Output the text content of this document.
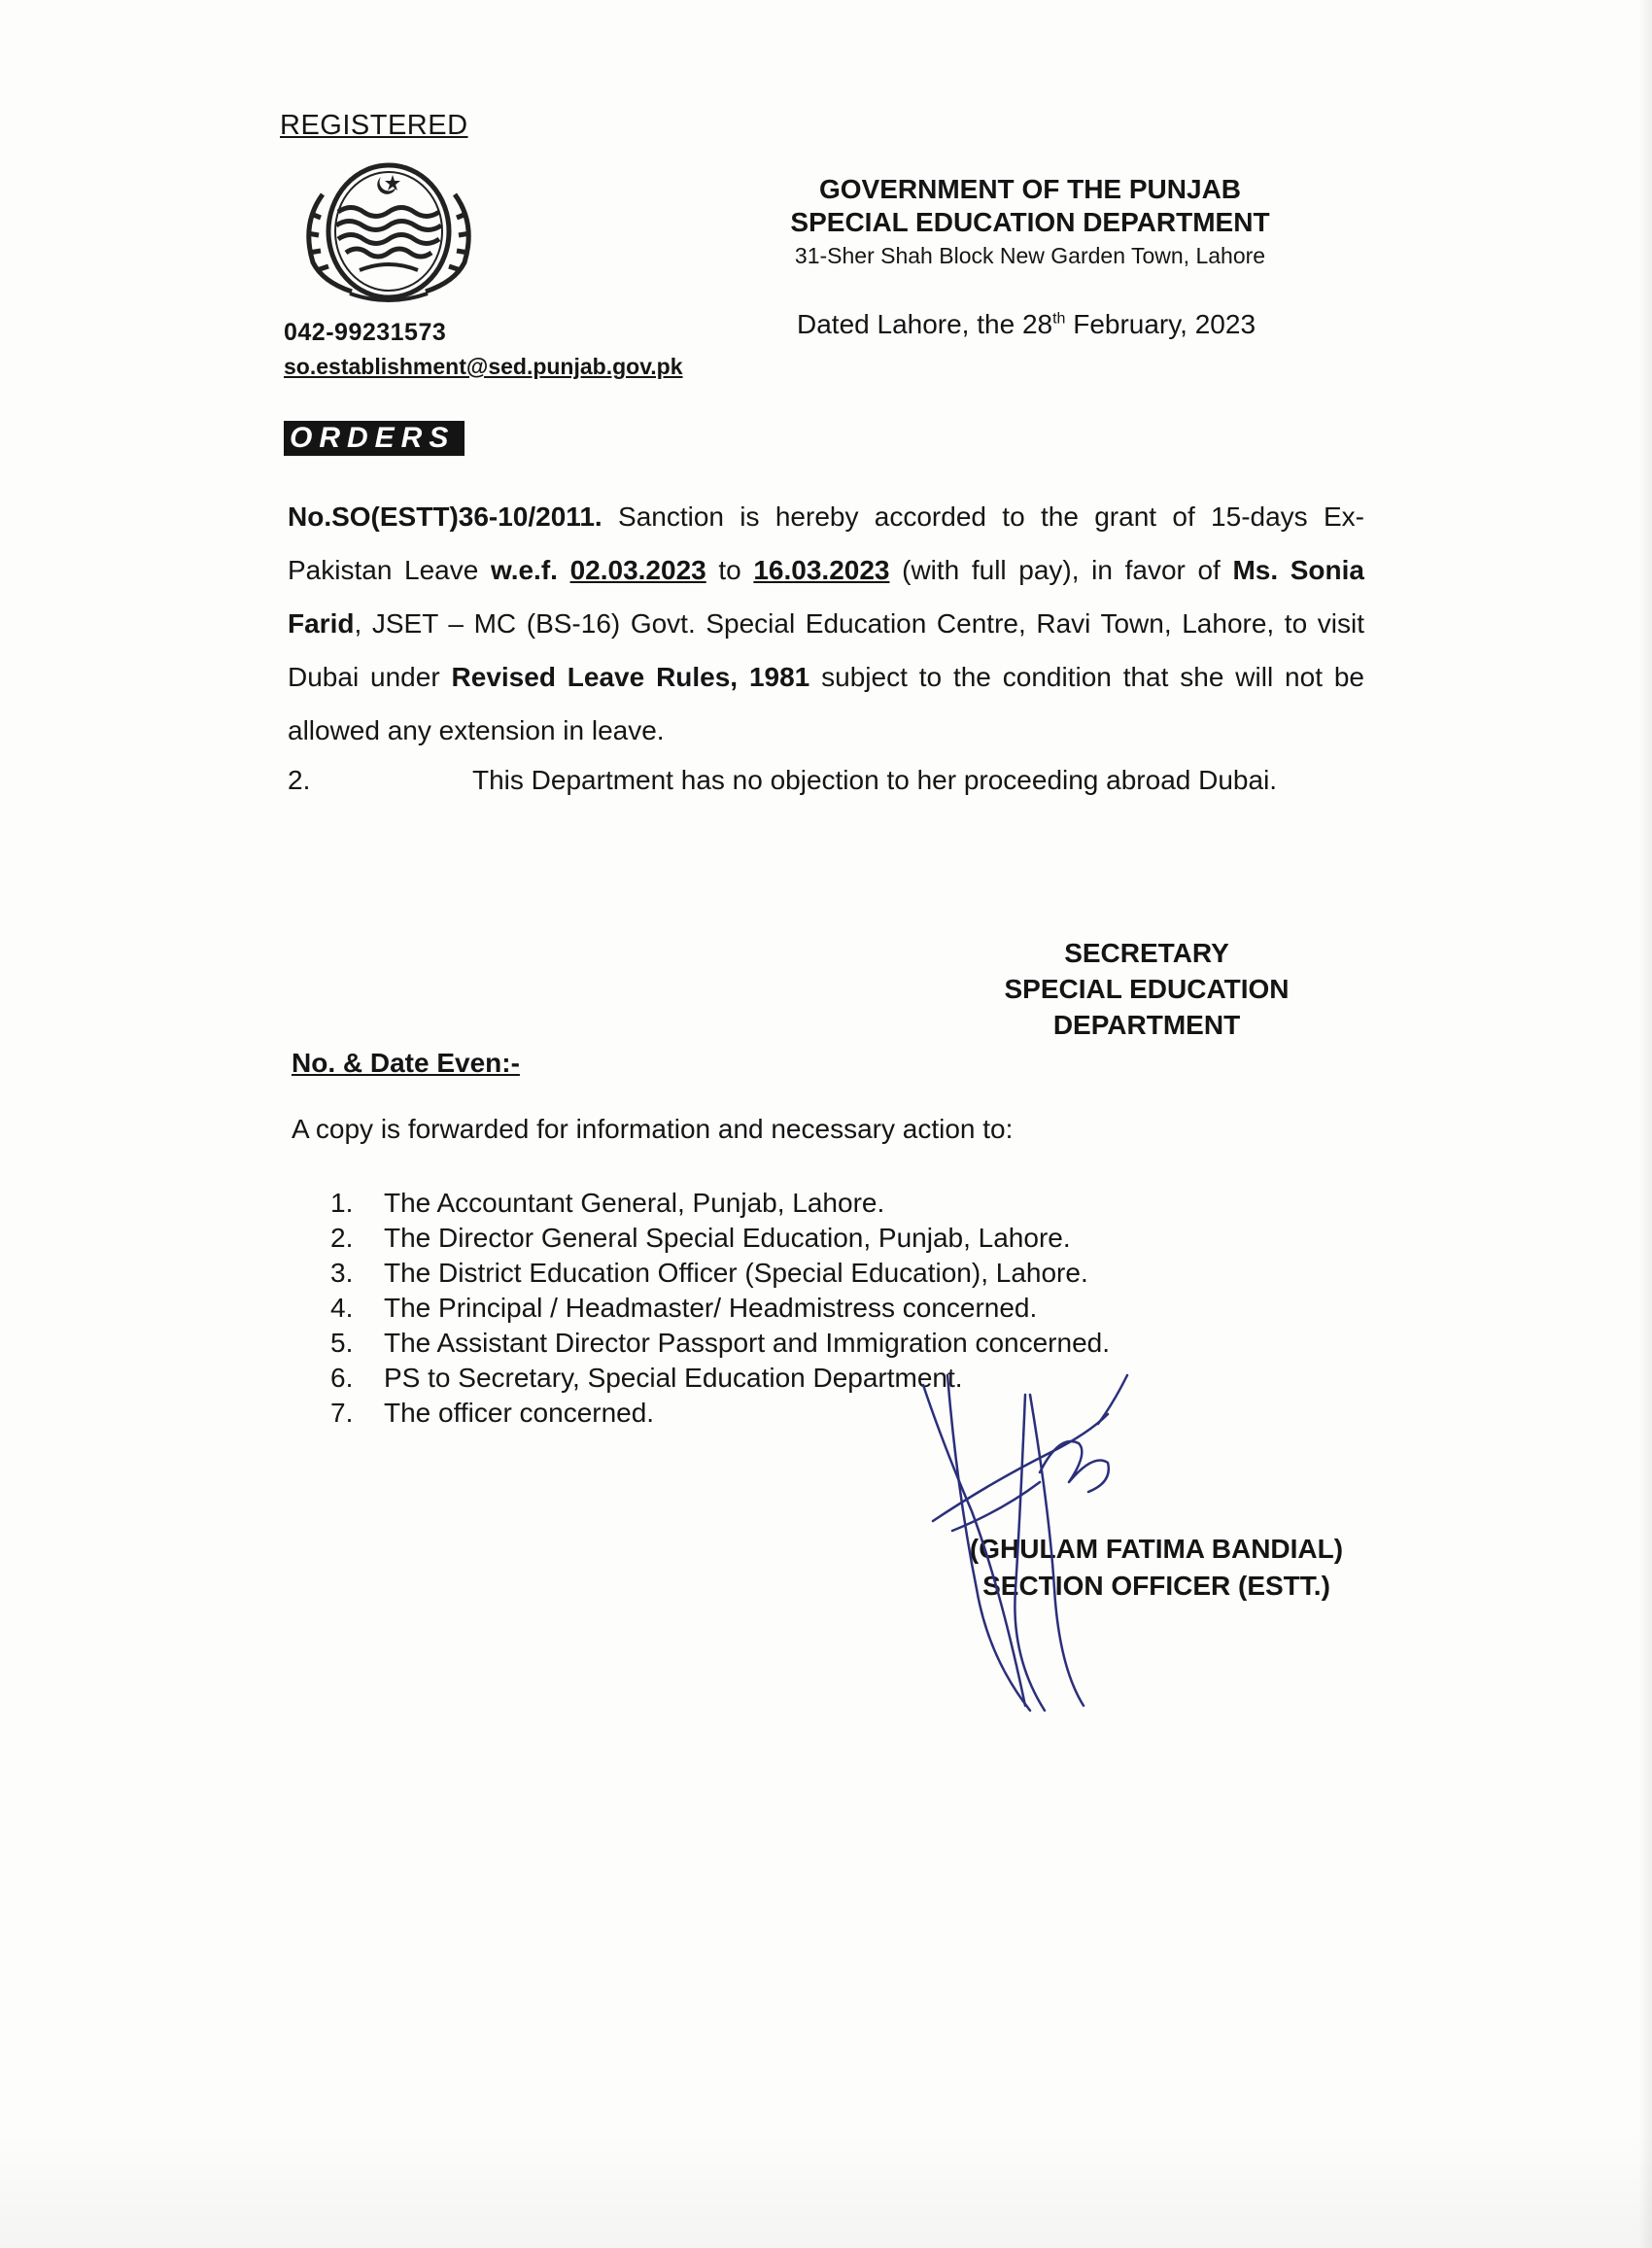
REGISTERED
GOVERNMENT OF THE PUNJAB
SPECIAL EDUCATION DEPARTMENT
31-Sher Shah Block New Garden Town, Lahore
Dated Lahore, the 28th February, 2023
042-99231573
so.establishment@sed.punjab.gov.pk
ORDERS
No.SO(ESTT)36-10/2011. Sanction is hereby accorded to the grant of 15-days Ex-Pakistan Leave w.e.f. 02.03.2023 to 16.03.2023 (with full pay), in favor of Ms. Sonia Farid, JSET – MC (BS-16) Govt. Special Education Centre, Ravi Town, Lahore, to visit Dubai under Revised Leave Rules, 1981 subject to the condition that she will not be allowed any extension in leave.
2.	This Department has no objection to her proceeding abroad Dubai.
SECRETARY
SPECIAL EDUCATION
DEPARTMENT
No. & Date Even:-
A copy is forwarded for information and necessary action to:
1.	The Accountant General, Punjab, Lahore.
2.	The Director General Special Education, Punjab, Lahore.
3.	The District Education Officer (Special Education), Lahore.
4.	The Principal / Headmaster/ Headmistress concerned.
5.	The Assistant Director Passport and Immigration concerned.
6.	PS to Secretary, Special Education Department.
7.	The officer concerned.
(GHULAM FATIMA BANDIAL)
SECTION OFFICER (ESTT.)
